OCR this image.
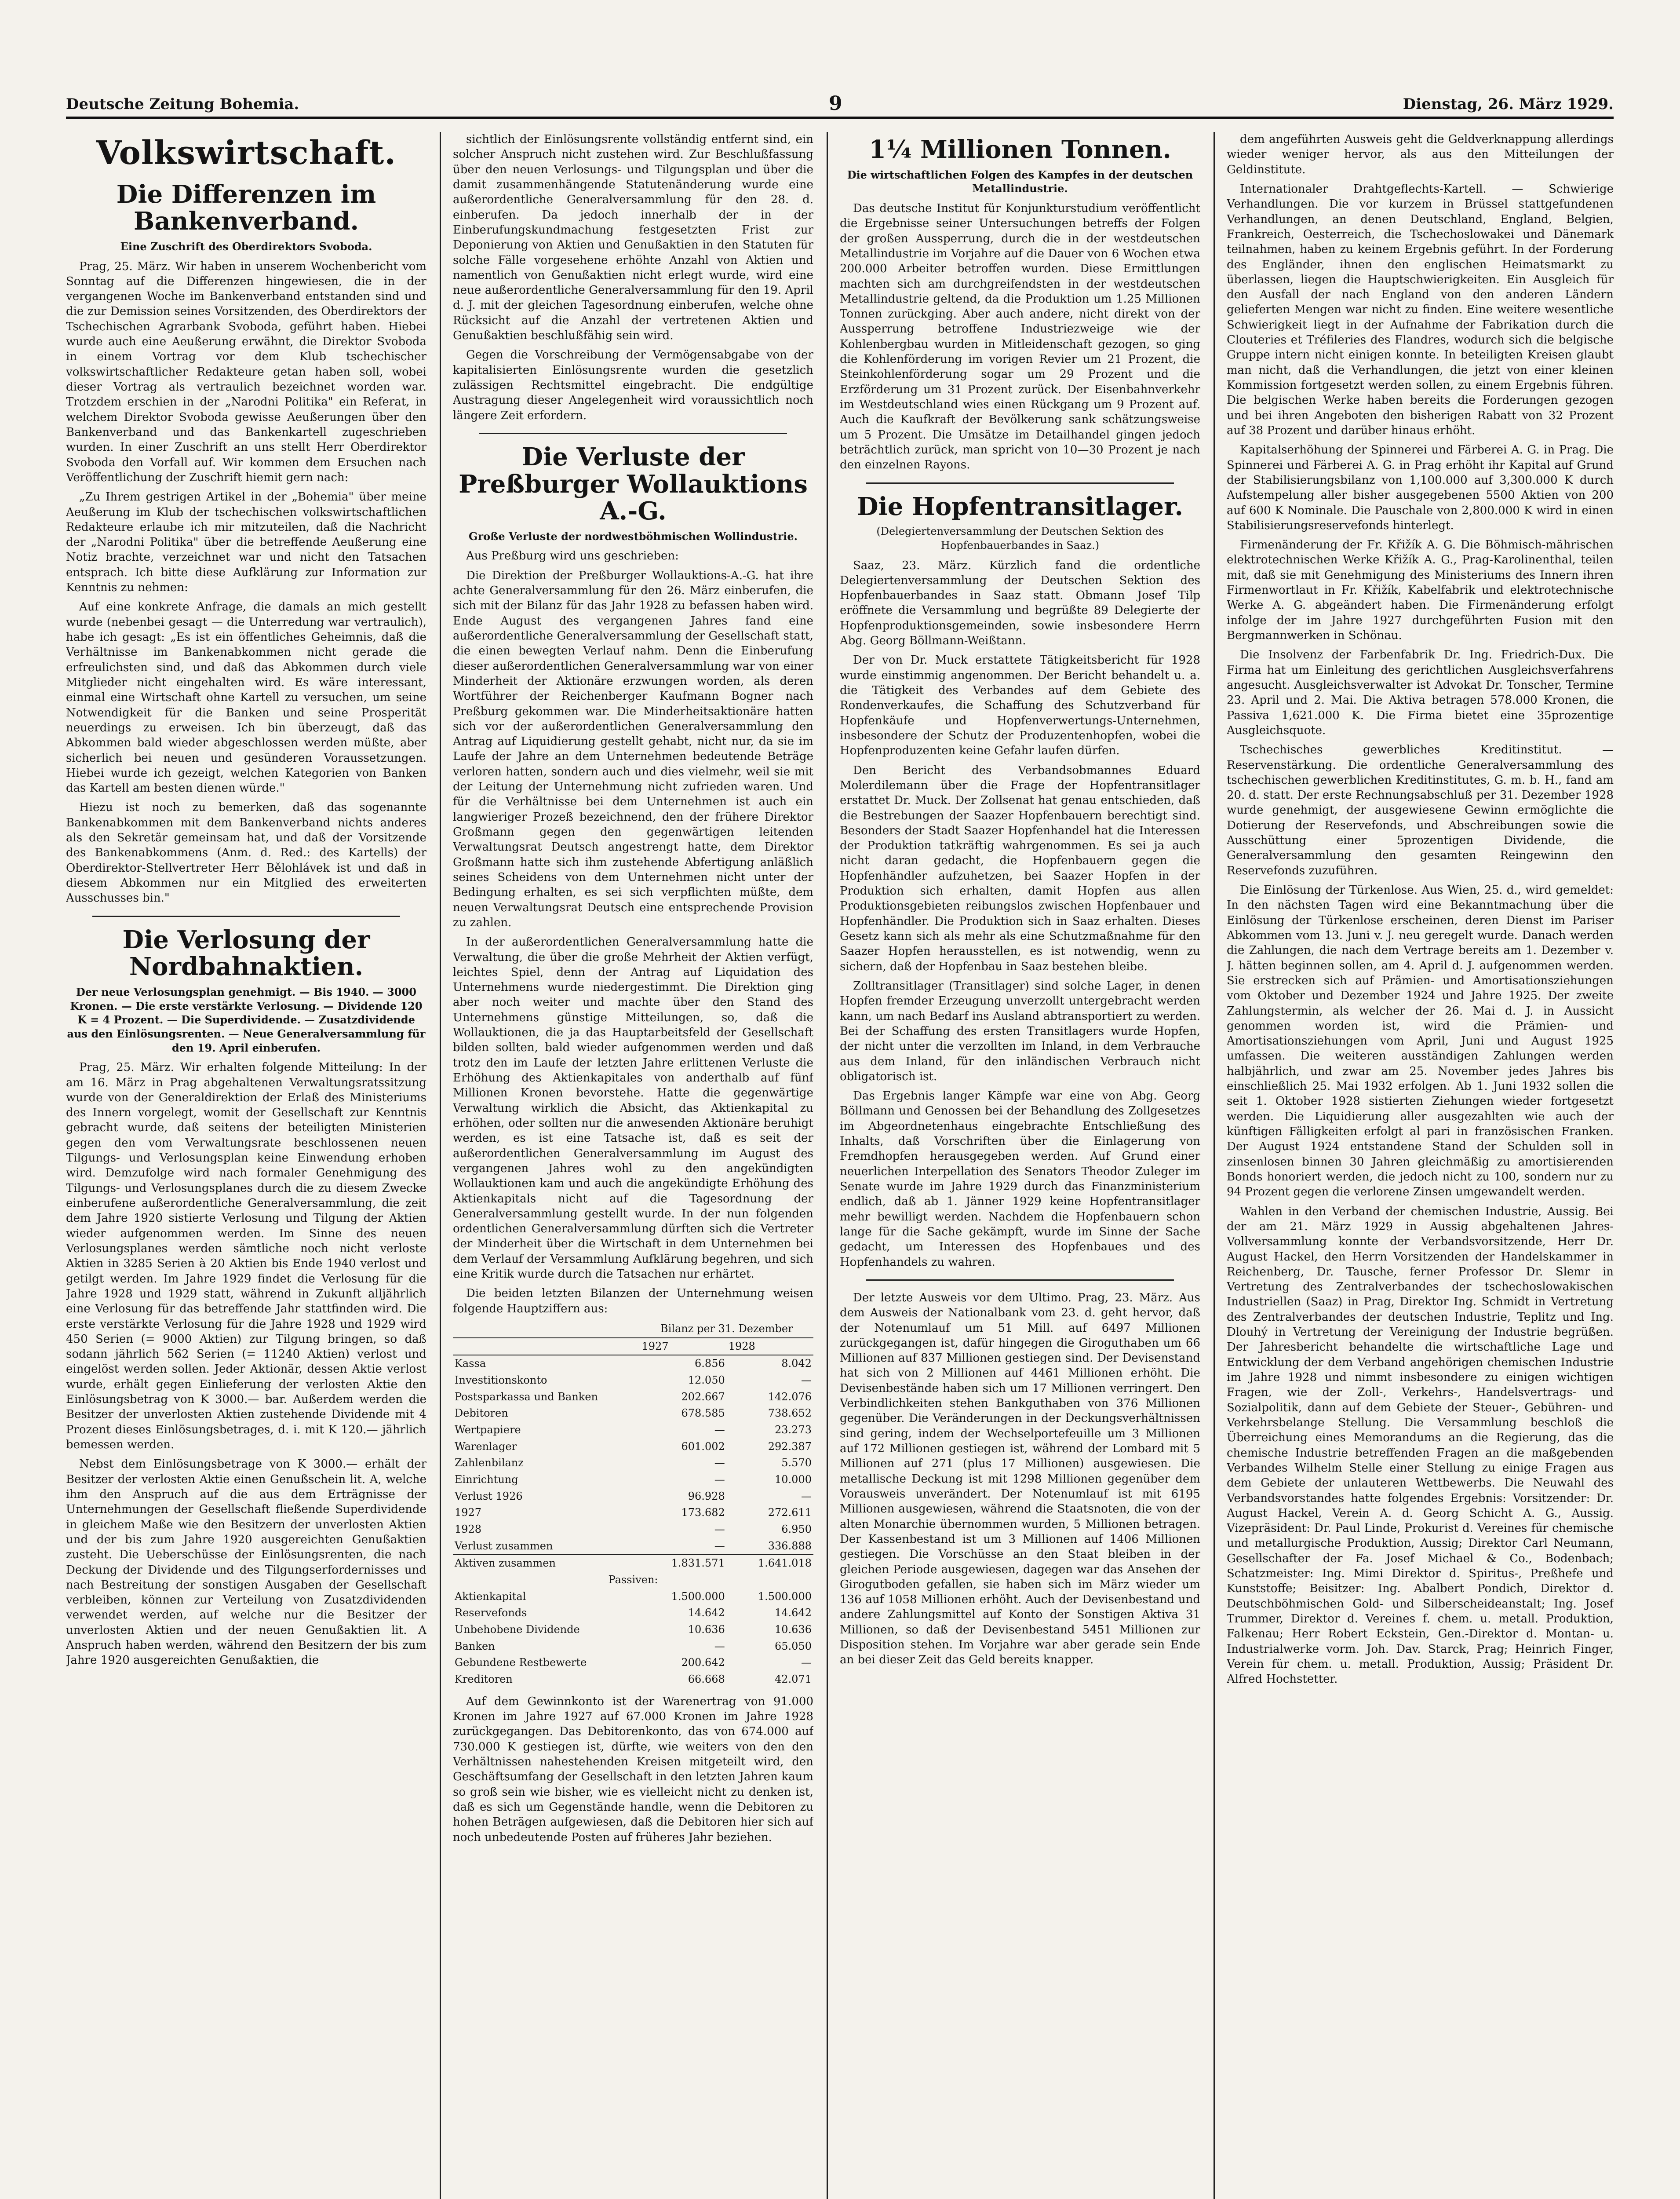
Deutsche Zeitung Bohemia.	9	Dienstag, 26. März 1929.
Volkswirtschaft.
Die Differenzen im Bankenverband.
Eine Zuschrift des Oberdirektors Svoboda.

Prag, 25. März. Wir haben in unserem Wochenbericht vom Sonntag auf die Differenzen hingewiesen, die in der vergangenen Woche im Bankenverband entstanden sind und die zur Demission seines Vorsitzenden, des Oberdirektors der Tschechischen Agrarbank Svoboda, geführt haben. Hiebei wurde auch eine Aeußerung erwähnt, die Direktor Svoboda in einem Vortrag vor dem Klub tschechischer volkswirtschaftlicher Redakteure getan haben soll, wobei dieser Vortrag als vertraulich bezeichnet worden war. Trotzdem erschien in der „Narodni Politika" ein Referat, in welchem Direktor Svoboda gewisse Aeußerungen über den Bankenverband und das Bankenkartell zugeschrieben wurden. In einer Zuschrift an uns stellt Herr Oberdirektor Svoboda den Vorfall auf. Wir kommen dem Ersuchen nach Veröffentlichung der Zuschrift hiemit gern nach:

„Zu Ihrem gestrigen Artikel in der „Bohemia" über meine Aeußerung im Klub der tschechischen volkswirtschaftlichen Redakteure erlaube ich mir mitzuteilen, daß die Nachricht der „Narodni Politika" über die betreffende Aeußerung eine Notiz brachte, verzeichnet war und nicht den Tatsachen entsprach. Ich bitte diese Aufklärung zur Information zur Kenntnis zu nehmen:

Auf eine konkrete Anfrage, die damals an mich gestellt wurde (nebenbei gesagt — die Unterredung war vertraulich), habe ich gesagt: „Es ist ein öffentliches Geheimnis, daß die Verhältnisse im Bankenabkommen nicht gerade die erfreulichsten sind, und daß das Abkommen durch viele Mitglieder nicht eingehalten wird. Es wäre interessant, einmal eine Wirtschaft ohne Kartell zu versuchen, um seine Notwendigkeit für die Banken und seine Prosperität neuerdings zu erweisen. Ich bin überzeugt, daß das Abkommen bald wieder abgeschlossen werden müßte, aber sicherlich bei neuen und gesünderen Voraussetzungen. Hiebei wurde ich gezeigt, welchen Kategorien von Banken das Kartell am besten dienen würde."

Hiezu ist noch zu bemerken, daß das sogenannte Bankenabkommen mit dem Bankenverband nichts anderes als den Sekretär gemeinsam hat, und daß der Vorsitzende des Bankenabkommens (Anm. d. Red.: des Kartells) der Oberdirektor-Stellvertreter Herr Bělohlávek ist und daß in diesem Abkommen nur ein Mitglied des erweiterten Ausschusses bin."

Die Verlosung der Nordbahnaktien.
Der neue Verlosungsplan genehmigt. — Bis 1940. — 3000 Kronen. — Die erste verstärkte Verlosung. — Dividende 120 K = 4 Prozent. — Die Superdividende. — Zusatzdividende aus den Einlösungsrenten. — Neue Generalversammlung für den 19. April einberufen.

Prag, 25. März. Wir erhalten folgende Mitteilung: In der am 16. März in Prag abgehaltenen Verwaltungsratssitzung wurde von der Generaldirektion der Erlaß des Ministeriums des Innern vorgelegt, womit der Gesellschaft zur Kenntnis gebracht wurde, daß seitens der beteiligten Ministerien gegen den vom Verwaltungsrate beschlossenen neuen Tilgungs- und Verlosungsplan keine Einwendung erhoben wird. Demzufolge wird nach formaler Genehmigung des Tilgungs- und Verlosungsplanes durch die zu diesem Zwecke einberufene außerordentliche Generalversammlung, die zeit dem Jahre 1920 sistierte Verlosung und Tilgung der Aktien wieder aufgenommen werden. Im Sinne des neuen Verlosungsplanes werden sämtliche noch nicht verloste Aktien in 3285 Serien à 20 Aktien bis Ende 1940 verlost und getilgt werden. Im Jahre 1929 findet die Verlosung für die Jahre 1928 und 1929 statt, während in Zukunft alljährlich eine Verlosung für das betreffende Jahr stattfinden wird. Die erste verstärkte Verlosung für die Jahre 1928 und 1929 wird 450 Serien (= 9000 Aktien) zur Tilgung bringen, so daß sodann jährlich 562 Serien (= 11240 Aktien) verlost und eingelöst werden sollen. Jeder Aktionär, dessen Aktie verlost wurde, erhält gegen Einlieferung der verlosten Aktie den Einlösungsbetrag von K 3000.— bar. Außerdem werden die Besitzer der unverlosten Aktien zustehende Dividende mit 4 Prozent dieses Einlösungsbetrages, d. i. mit K 120.— jährlich bemessen werden.

Nebst dem Einlösungsbetrage von K 3000.— erhält der Besitzer der verlosten Aktie einen Genußschein lit. A, welche ihm den Anspruch auf die aus dem Erträgnisse der Unternehmungen der Gesellschaft fließende Superdividende in gleichem Maße wie den Besitzern der unverlosten Aktien und der bis zum Jahre 1920 ausgereichten Genußaktien zusteht. Die Ueberschüsse der Einlösungsrenten, die nach Deckung der Dividende und des Tilgungserfordernisses und nach Bestreitung der sonstigen Ausgaben der Gesellschaft verbleiben, können zur Verteilung von Zusatzdividenden verwendet werden, auf welche nur die Besitzer der unverlosten Aktien und der neuen Genußaktien lit. A Anspruch haben werden, während den Besitzern der bis zum Jahre 1920 ausgereichten Genußaktien, die

sichtlich der Einlösungsrente vollständig entfernt sind, ein solcher Anspruch nicht zustehen wird. Zur Beschlußfassung über den neuen Verlosungs- und Tilgungsplan und über die damit zusammenhängende Statutenänderung wurde eine außerordentliche Generalversammlung für den 28. d. einberufen. Da jedoch innerhalb der in der Einberufungskundmachung festgesetzten Frist zur Deponierung von Aktien und Genußaktien in den Statuten für solche Fälle vorgesehene erhöhte Anzahl von Aktien und namentlich von Genußaktien nicht erlegt wurde, wird eine neue außerordentliche Generalversammlung für den 19. April d. J. mit der gleichen Tagesordnung einberufen, welche ohne Rücksicht auf die Anzahl der vertretenen Aktien und Genußaktien beschlußfähig sein wird.

Gegen die Vorschreibung der Vermögensabgabe von der kapitalisierten Einlösungsrente wurden die gesetzlich zulässigen Rechtsmittel eingebracht. Die endgültige Austragung dieser Angelegenheit wird voraussichtlich noch längere Zeit erfordern.

Die Verluste der Preßburger Wollauktions A.-G.
Große Verluste der nordwestböhmischen Wollindustrie.

Aus Preßburg wird uns geschrieben:

Die Direktion der Preßburger Wollauktions-A.-G. hat ihre achte Generalversammlung für den 26. März einberufen, die sich mit der Bilanz für das Jahr 1928 zu befassen haben wird. Ende August des vergangenen Jahres fand eine außerordentliche Generalversammlung der Gesellschaft statt, die einen bewegten Verlauf nahm. Denn die Einberufung dieser außerordentlichen Generalversammlung war von einer Minderheit der Aktionäre erzwungen worden, als deren Wortführer der Reichenberger Kaufmann Bogner nach Preßburg gekommen war. Die Minderheitsaktionäre hatten sich vor der außerordentlichen Generalversammlung den Antrag auf Liquidierung gestellt gehabt, nicht nur, da sie im Laufe der Jahre an dem Unternehmen bedeutende Beträge verloren hatten, sondern auch und dies vielmehr, weil sie mit der Leitung der Unternehmung nicht zufrieden waren. Und für die Verhältnisse bei dem Unternehmen ist auch ein langwieriger Prozeß bezeichnend, den der frühere Direktor Großmann gegen den gegenwärtigen leitenden Verwaltungsrat Deutsch angestrengt hatte, dem Direktor Großmann hatte sich ihm zustehende Abfertigung anläßlich seines Scheidens von dem Unternehmen nicht unter der Bedingung erhalten, es sei sich verpflichten müßte, dem neuen Verwaltungsrat Deutsch eine entsprechende Provision zu zahlen.

In der außerordentlichen Generalversammlung hatte die Verwaltung, die über die große Mehrheit der Aktien verfügt, leichtes Spiel, denn der Antrag auf Liquidation des Unternehmens wurde niedergestimmt. Die Direktion ging aber noch weiter und machte über den Stand des Unternehmens günstige Mitteilungen, so, daß die Wollauktionen, die ja das Hauptarbeitsfeld der Gesellschaft bilden sollten, bald wieder aufgenommen werden und daß trotz den im Laufe der letzten Jahre erlittenen Verluste die Erhöhung des Aktienkapitales von anderthalb auf fünf Millionen Kronen bevorstehe. Hatte die gegenwärtige Verwaltung wirklich die Absicht, das Aktienkapital zu erhöhen, oder sollten nur die anwesenden Aktionäre beruhigt werden, es ist eine Tatsache ist, daß es seit der außerordentlichen Generalversammlung im August des vergangenen Jahres wohl zu den angekündigten Wollauktionen kam und auch die angekündigte Erhöhung des Aktienkapitals nicht auf die Tagesordnung der Generalversammlung gestellt wurde. In der nun folgenden ordentlichen Generalversammlung dürften sich die Vertreter der Minderheit über die Wirtschaft in dem Unternehmen bei dem Verlauf der Versammlung Aufklärung begehren, und sich eine Kritik wurde durch die Tatsachen nur erhärtet.

Die beiden letzten Bilanzen der Unternehmung weisen folgende Hauptziffern aus:

	Bilanz per 31. Dezember	
	1927	1928
Kassa	6.856	8.042
Investitionskonto	12.050	—
Postsparkassa und Banken	202.667	142.076
Debitoren	678.585	738.652
Wertpapiere	—	23.273
Warenlager	601.002	292.387
Zahlenbilanz	—	5.570
Einrichtung	—	10.000
Verlust 1926	96.928	—
1927	173.682	272.611
1928	—	6.950
Verlust zusammen	—	336.888
Aktiven zusammen	1.831.571	1.641.018
Passiven:		
Aktienkapital	1.500.000	1.500.000
Reservefonds	14.642	14.642
Unbehobene Dividende	10.636	10.636
Banken	—	65.050
Gebundene Restbewerte	200.642	—
Kreditoren	66.668	42.071

Auf dem Gewinnkonto ist der Warenertrag von 91.000 Kronen im Jahre 1927 auf 67.000 Kronen im Jahre 1928 zurückgegangen. Das Debitorenkonto, das von 674.000 auf 730.000 K gestiegen ist, dürfte, wie weiters von den den Verhältnissen nahestehenden Kreisen mitgeteilt wird, den Geschäftsumfang der Gesellschaft in den letzten Jahren kaum so groß sein wie bisher, wie es vielleicht nicht zu denken ist, daß es sich um Gegenstände handle, wenn die Debitoren zu hohen Beträgen aufgewiesen, daß die Debitoren hier sich auf noch unbedeutende Posten auf früheres Jahr beziehen.

1¼ Millionen Tonnen.
Die wirtschaftlichen Folgen des Kampfes in der deutschen Metallindustrie.

Das deutsche Institut für Konjunkturstudium veröffentlicht die Ergebnisse seiner Untersuchungen betreffs der Folgen der großen Aussperrung, durch die in der westdeutschen Metallindustrie im Vorjahre auf die Dauer von 6 Wochen etwa 200.000 Arbeiter betroffen wurden. Diese Ermittlungen machten sich am durchgreifendsten in der westdeutschen Metallindustrie geltend, da die Produktion um 1.25 Millionen Tonnen zurückging. Aber auch andere, nicht direkt von der Aussperrung betroffene Industriezweige wie der Kohlenbergbau wurden in Mitleidenschaft gezogen, so ging die Kohlenförderung im vorigen Revier um 21 Prozent, die Steinkohlenförderung sogar um 29 Prozent und die Erzförderung um 31 Prozent zurück. Der Eisenbahnverkehr im Westdeutschland wies einen Rückgang um 9 Prozent auf. Auch die Kaufkraft der Bevölkerung sank schätzungsweise um 5 Prozent. Die Umsätze im Detailhandel gingen jedoch beträchtlich zurück, man spricht von 10—30 Prozent je nach den einzelnen Rayons.

Die Hopfentransitlager.
(Delegiertenversammlung der Deutschen Sektion des Hopfenbauerbandes in Saaz.)

Saaz, 23. März. Kürzlich fand die ordentliche Delegiertenversammlung der Deutschen Sektion des Hopfenbauerbandes in Saaz statt. Obmann Josef Tilp eröffnete die Versammlung und begrüßte 89 Delegierte der Hopfenproduktionsgemeinden, sowie insbesondere Herrn Abg. Georg Böllmann-Weißtann.

Der von Dr. Muck erstattete Tätigkeitsbericht für 1928 wurde einstimmig angenommen. Der Bericht behandelt u. a. die Tätigkeit des Verbandes auf dem Gebiete des Rondenverkaufes, die Schaffung des Schutzverband für Hopfenkäufe und Hopfenverwertungs-Unternehmen, insbesondere der Schutz der Produzentenhopfen, wobei die Hopfenproduzenten keine Gefahr laufen dürfen.

Den Bericht des Verbandsobmannes Eduard Molerdilemann über die Frage der Hopfentransitlager erstattet Dr. Muck. Der Zollsenat hat genau entschieden, daß die Bestrebungen der Saazer Hopfenbauern berechtigt sind. Besonders der Stadt Saazer Hopfenhandel hat die Interessen der Produktion tatkräftig wahrgenommen. Es sei ja auch nicht daran gedacht, die Hopfenbauern gegen die Hopfenhändler aufzuhetzen, bei Saazer Hopfen in der Produktion sich erhalten, damit Hopfen aus allen Produktionsgebieten reibungslos zwischen Hopfenbauer und Hopfenhändler. Die Produktion sich in Saaz erhalten. Dieses Gesetz kann sich als mehr als eine Schutzmaßnahme für den Saazer Hopfen herausstellen, es ist notwendig, wenn zu sichern, daß der Hopfenbau in Saaz bestehen bleibe.

Zolltransitlager (Transitlager) sind solche Lager, in denen Hopfen fremder Erzeugung unverzollt untergebracht werden kann, um nach Bedarf ins Ausland abtransportiert zu werden. Bei der Schaffung des ersten Transitlagers wurde Hopfen, der nicht unter die verzollten im Inland, in dem Verbrauche aus dem Inland, für den inländischen Verbrauch nicht obligatorisch ist.

Das Ergebnis langer Kämpfe war eine von Abg. Georg Böllmann und Genossen bei der Behandlung des Zollgesetzes im Abgeordnetenhaus eingebrachte Entschließung des Inhalts, daß Vorschriften über die Einlagerung von Fremdhopfen herausgegeben werden. Auf Grund einer neuerlichen Interpellation des Senators Theodor Zuleger im Senate wurde im Jahre 1929 durch das Finanzministerium endlich, daß ab 1. Jänner 1929 keine Hopfentransitlager mehr bewilligt werden. Nachdem die Hopfenbauern schon lange für die Sache gekämpft, wurde im Sinne der Sache gedacht, um Interessen des Hopfenbaues und des Hopfenhandels zu wahren.

Der letzte Ausweis vor dem Ultimo. Prag, 23. März. Aus dem Ausweis der Nationalbank vom 23. d. geht hervor, daß der Notenumlauf um 51 Mill. auf 6497 Millionen zurückgegangen ist, dafür hingegen die Giroguthaben um 66 Millionen auf 837 Millionen gestiegen sind. Der Devisenstand hat sich von 2 Millionen auf 4461 Millionen erhöht. Die Devisenbestände haben sich um 17 Millionen verringert. Den Verbindlichkeiten stehen Bankguthaben von 376 Millionen gegenüber. Die Veränderungen in der Deckungsverhältnissen sind gering, indem der Wechselportefeuille um 3 Millionen auf 172 Millionen gestiegen ist, während der Lombard mit 5 Millionen auf 271 (plus 17 Millionen) ausgewiesen. Die metallische Deckung ist mit 1298 Millionen gegenüber dem Vorausweis unverändert. Der Notenumlauf ist mit 6195 Millionen ausgewiesen, während die Staatsnoten, die von der alten Monarchie übernommen wurden, 5 Millionen betragen. Der Kassenbestand ist um 3 Millionen auf 1406 Millionen gestiegen. Die Vorschüsse an den Staat bleiben in der gleichen Periode ausgewiesen, dagegen war das Ansehen der Girogutboden gefallen, sie haben sich im März wieder um 136 auf 1058 Millionen erhöht. Auch der Devisenbestand und andere Zahlungsmittel auf Konto der Sonstigen Aktiva 31 Millionen, so daß der Devisenbestand 5451 Millionen zur Disposition stehen. Im Vorjahre war aber gerade sein Ende an bei dieser Zeit das Geld bereits knapper.

dem angeführten Ausweis geht die Geldverknappung allerdings wieder weniger hervor, als aus den Mitteilungen der Geldinstitute.

Internationaler Drahtgeflechts-Kartell. — Schwierige Verhandlungen. Die vor kurzem in Brüssel stattgefundenen Verhandlungen, an denen Deutschland, England, Belgien, Frankreich, Oesterreich, die Tschechoslowakei und Dänemark teilnahmen, haben zu keinem Ergebnis geführt. In der Forderung des Engländer, ihnen den englischen Heimatsmarkt zu überlassen, liegen die Hauptschwierigkeiten. Ein Ausgleich für den Ausfall der nach England von den anderen Ländern gelieferten Mengen war nicht zu finden. Eine weitere wesentliche Schwierigkeit liegt in der Aufnahme der Fabrikation durch die Clouteries et Tréfileries des Flandres, wodurch sich die belgische Gruppe intern nicht einigen konnte. In beteiligten Kreisen glaubt man nicht, daß die Verhandlungen, die jetzt von einer kleinen Kommission fortgesetzt werden sollen, zu einem Ergebnis führen. Die belgischen Werke haben bereits die Forderungen gezogen und bei ihren Angeboten den bisherigen Rabatt von 32 Prozent auf 38 Prozent und darüber hinaus erhöht.

Kapitalserhöhung der Spinnerei und Färberei A. G. in Prag. Die Spinnerei und Färberei A. G. in Prag erhöht ihr Kapital auf Grund der Stabilisierungsbilanz von 1,100.000 auf 3,300.000 K durch Aufstempelung aller bisher ausgegebenen 5500 Aktien von 200 auf 600 K Nominale. Die Pauschale von 2,800.000 K wird in einen Stabilisierungsreservefonds hinterlegt.

Firmenänderung der Fr. Křižík A. G. Die Böhmisch-mährischen elektrotechnischen Werke Křižík A. G., Prag-Karolinenthal, teilen mit, daß sie mit Genehmigung des Ministeriums des Innern ihren Firmenwortlaut in Fr. Křižík, Kabelfabrik und elektrotechnische Werke A. G. abgeändert haben. Die Firmenänderung erfolgt infolge der im Jahre 1927 durchgeführten Fusion mit den Bergmannwerken in Schönau.

Die Insolvenz der Farbenfabrik Dr. Ing. Friedrich-Dux. Die Firma hat um Einleitung des gerichtlichen Ausgleichsverfahrens angesucht. Ausgleichsverwalter ist Advokat Dr. Tonscher, Termine 23. April und 2. Mai. Die Aktiva betragen 578.000 Kronen, die Passiva 1,621.000 K. Die Firma bietet eine 35prozentige Ausgleichsquote.

Tschechisches gewerbliches Kreditinstitut. — Reservenstärkung. Die ordentliche Generalversammlung des tschechischen gewerblichen Kreditinstitutes, G. m. b. H., fand am 20. d. statt. Der erste Rechnungsabschluß per 31. Dezember 1928 wurde genehmigt, der ausgewiesene Gewinn ermöglichte die Dotierung der Reservefonds, und Abschreibungen sowie die Ausschüttung einer 5prozentigen Dividende, die Generalversammlung den gesamten Reingewinn den Reservefonds zuzuführen.

Die Einlösung der Türkenlose. Aus Wien, 25. d., wird gemeldet: In den nächsten Tagen wird eine Bekanntmachung über die Einlösung der Türkenlose erscheinen, deren Dienst im Pariser Abkommen vom 13. Juni v. J. neu geregelt wurde. Danach werden die Zahlungen, die nach dem Vertrage bereits am 1. Dezember v. J. hätten beginnen sollen, am 4. April d. J. aufgenommen werden. Sie erstrecken sich auf Prämien- und Amortisationsziehungen vom Oktober und Dezember 1924 und Jahre 1925. Der zweite Zahlungstermin, als welcher der 26. Mai d. J. in Aussicht genommen worden ist, wird die Prämien- und Amortisationsziehungen vom April, Juni und August 1925 umfassen. Die weiteren ausständigen Zahlungen werden halbjährlich, und zwar am 25. November jedes Jahres bis einschließlich 25. Mai 1932 erfolgen. Ab 1. Juni 1932 sollen die seit 1. Oktober 1928 sistierten Ziehungen wieder fortgesetzt werden. Die Liquidierung aller ausgezahlten wie auch der künftigen Fälligkeiten erfolgt al pari in französischen Franken. Der August 1924 entstandene Stand der Schulden soll in zinsenlosen binnen 30 Jahren gleichmäßig zu amortisierenden Bonds honoriert werden, die jedoch nicht zu 100, sondern nur zu 94 Prozent gegen die verlorene Zinsen umgewandelt werden.

Wahlen in den Verband der chemischen Industrie, Aussig. Bei der am 21. März 1929 in Aussig abgehaltenen Jahres-Vollversammlung konnte der Verbandsvorsitzende, Herr Dr. August Hackel, den Herrn Vorsitzenden der Handelskammer in Reichenberg, Dr. Tausche, ferner Professor Dr. Slemr in Vertretung des Zentralverbandes der tschechoslowakischen Industriellen (Saaz) in Prag, Direktor Ing. Schmidt in Vertretung des Zentralverbandes der deutschen Industrie, Teplitz und Ing. Dlouhý in Vertretung der Vereinigung der Industrie begrüßen. Der Jahresbericht behandelte die wirtschaftliche Lage und Entwicklung der dem Verband angehörigen chemischen Industrie im Jahre 1928 und nimmt insbesondere zu einigen wichtigen Fragen, wie der Zoll-, Verkehrs-, Handelsvertrags- und Sozialpolitik, dann auf dem Gebiete der Steuer-, Gebühren- und Verkehrsbelange Stellung. Die Versammlung beschloß die Überreichung eines Memorandums an die Regierung, das die chemische Industrie betreffenden Fragen an die maßgebenden Verbandes Wilhelm Stelle einer Stellung zu einige Fragen aus dem Gebiete der unlauteren Wettbewerbs. Die Neuwahl des Verbandsvorstandes hatte folgendes Ergebnis: Vorsitzender: Dr. August Hackel, Verein A. d. Georg Schicht A. G., Aussig. Vizepräsident: Dr. Paul Linde, Prokurist d. Vereines für chemische und metallurgische Produktion, Aussig; Direktor Carl Neumann, Gesellschafter der Fa. Josef Michael & Co., Bodenbach; Schatzmeister: Ing. Mimi Direktor d. Spiritus-, Preßhefe und Kunststoffe; Beisitzer: Ing. Abalbert Pondich, Direktor d. Deutschböhmischen Gold- und Silberscheideanstalt; Ing. Josef Trummer, Direktor d. Vereines f. chem. u. metall. Produktion, Falkenau; Herr Robert Eckstein, Gen.-Direktor d. Montan- u. Industrialwerke vorm. Joh. Dav. Starck, Prag; Heinrich Finger, Verein für chem. u. metall. Produktion, Aussig; Präsident Dr. Alfred Hochstetter.
